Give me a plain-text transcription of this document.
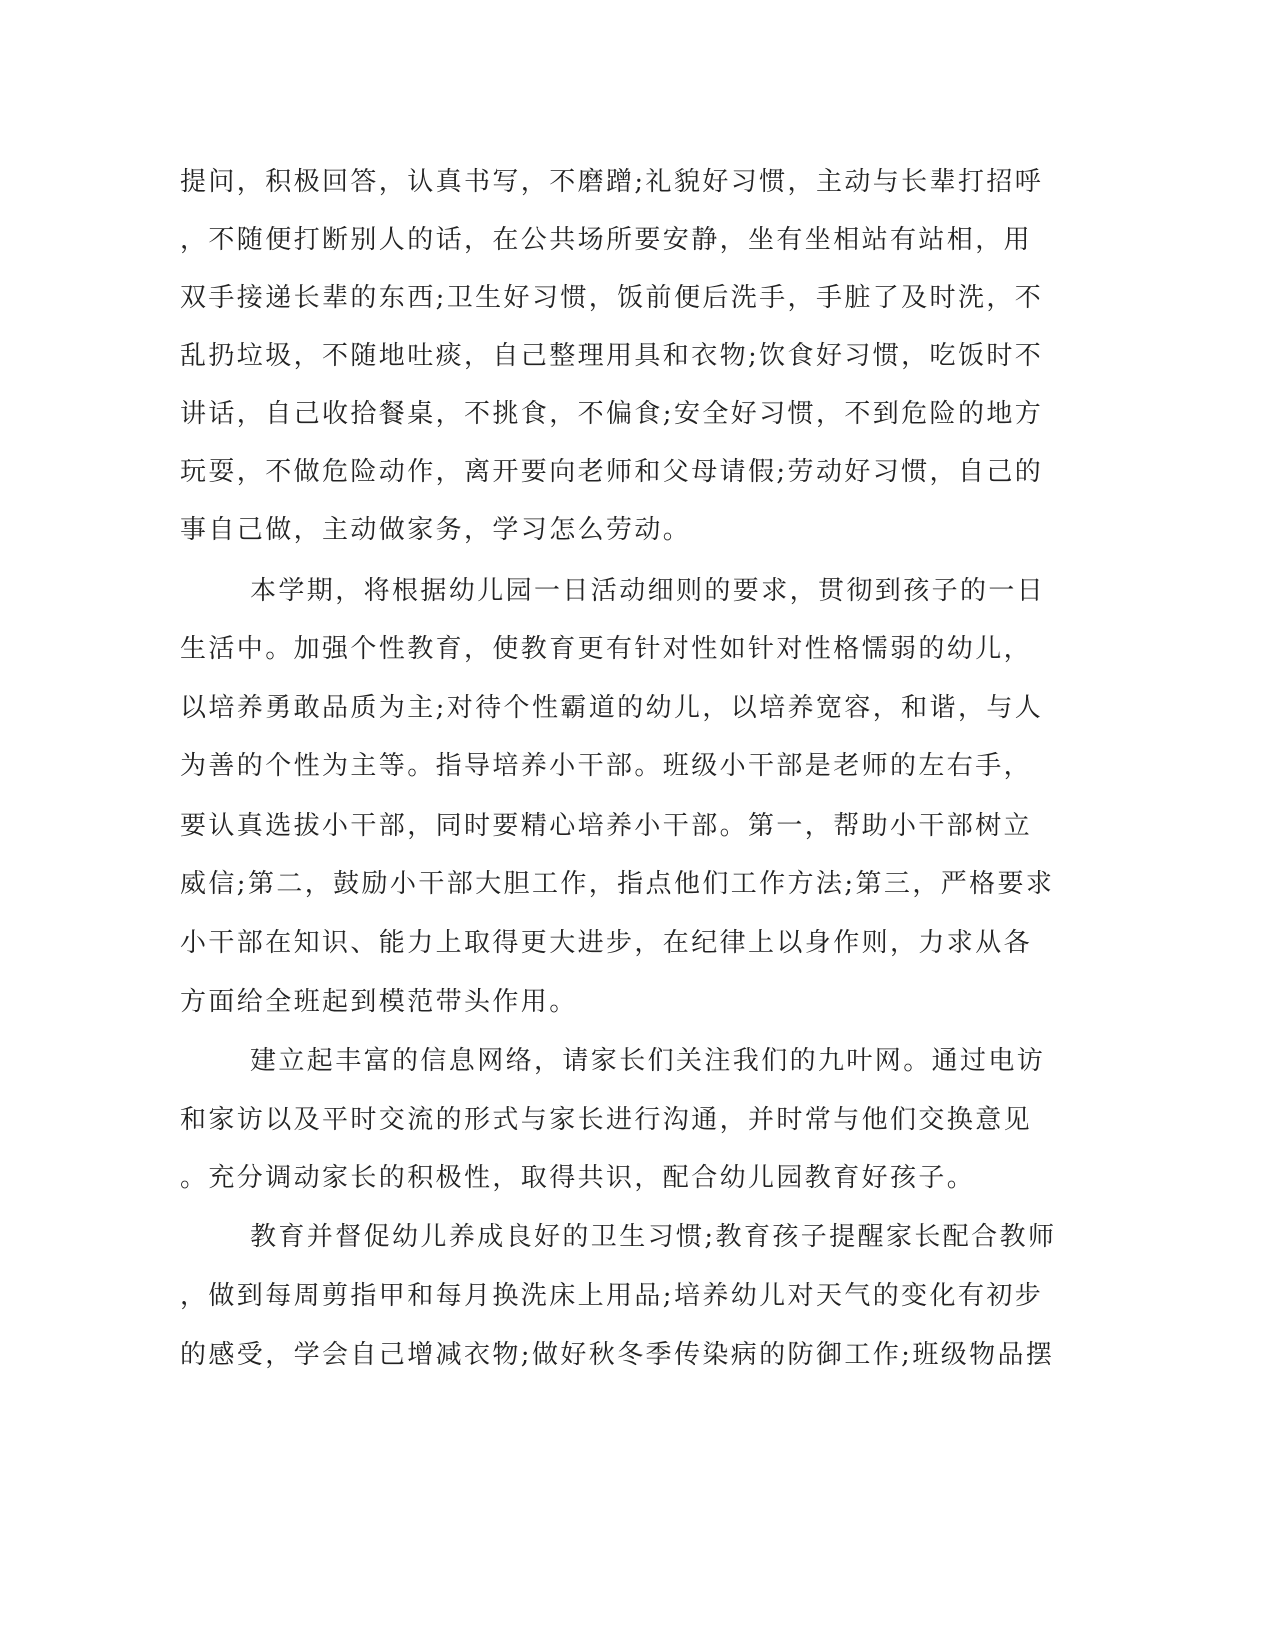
提问，积极回答，认真书写，不磨蹭;礼貌好习惯，主动与长辈打招呼
，不随便打断别人的话，在公共场所要安静，坐有坐相站有站相，用
双手接递长辈的东西;卫生好习惯，饭前便后洗手，手脏了及时洗，不
乱扔垃圾，不随地吐痰，自己整理用具和衣物;饮食好习惯，吃饭时不
讲话，自己收拾餐桌，不挑食，不偏食;安全好习惯，不到危险的地方
玩耍，不做危险动作，离开要向老师和父母请假;劳动好习惯，自己的
事自己做，主动做家务，学习怎么劳动。
本学期，将根据幼儿园一日活动细则的要求，贯彻到孩子的一日
生活中。加强个性教育，使教育更有针对性如针对性格懦弱的幼儿，
以培养勇敢品质为主;对待个性霸道的幼儿，以培养宽容，和谐，与人
为善的个性为主等。指导培养小干部。班级小干部是老师的左右手，
要认真选拔小干部，同时要精心培养小干部。第一，帮助小干部树立
威信;第二，鼓励小干部大胆工作，指点他们工作方法;第三，严格要求
小干部在知识、能力上取得更大进步，在纪律上以身作则，力求从各
方面给全班起到模范带头作用。
建立起丰富的信息网络，请家长们关注我们的九叶网。通过电访
和家访以及平时交流的形式与家长进行沟通，并时常与他们交换意见
。充分调动家长的积极性，取得共识，配合幼儿园教育好孩子。
教育并督促幼儿养成良好的卫生习惯;教育孩子提醒家长配合教师
，做到每周剪指甲和每月换洗床上用品;培养幼儿对天气的变化有初步
的感受，学会自己增减衣物;做好秋冬季传染病的防御工作;班级物品摆
